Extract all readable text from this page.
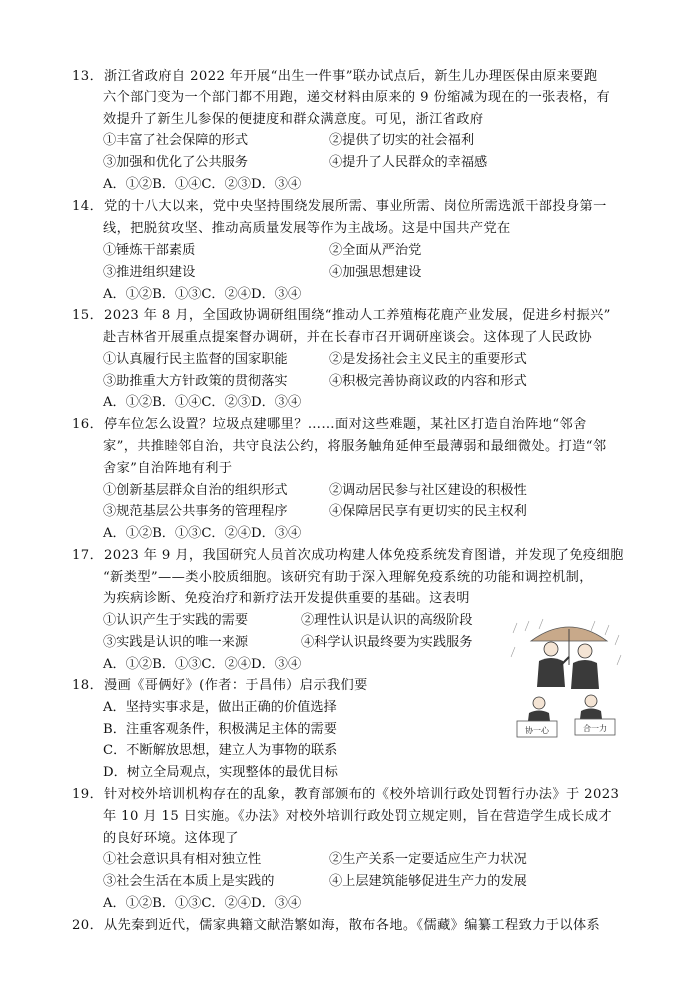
13．浙江省政府自 2022 年开展“出生一件事”联办试点后，新生儿办理医保由原来要跑
六个部门变为一个部门都不用跑，递交材料由原来的 9 份缩减为现在的一张表格，有
效提升了新生儿参保的便捷度和群众满意度。可见，浙江省政府
①丰富了社会保障的形式	②提供了切实的社会福利
③加强和优化了公共服务	④提升了人民群众的幸福感
A．①②B．①④C．②③D．③④
14．党的十八大以来，党中央坚持围绕发展所需、事业所需、岗位所需选派干部投身第一
线，把脱贫攻坚、推动高质量发展等作为主战场。这是中国共产党在
①锤炼干部素质	②全面从严治党
③推进组织建设	④加强思想建设
A．①②B．①③C．②④D．③④
15．2023 年 8 月，全国政协调研组围绕“推动人工养殖梅花鹿产业发展，促进乡村振兴”
赴吉林省开展重点提案督办调研，并在长春市召开调研座谈会。这体现了人民政协
①认真履行民主监督的国家职能	②是发扬社会主义民主的重要形式
③助推重大方针政策的贯彻落实	④积极完善协商议政的内容和形式
A．①②B．①④C．②③D．③④
16．停车位怎么设置？垃圾点建哪里？……面对这些难题，某社区打造自治阵地“邻舍
家”，共推睦邻自治，共守良法公约，将服务触角延伸至最薄弱和最细微处。打造“邻
舍家”自治阵地有利于
①创新基层群众自治的组织形式	②调动居民参与社区建设的积极性
③规范基层公共事务的管理程序	④保障居民享有更切实的民主权利
A．①②B．①③C．②④D．③④
17．2023 年 9 月，我国研究人员首次成功构建人体免疫系统发育图谱，并发现了免疫细胞
“新类型”——类小胶质细胞。该研究有助于深入理解免疫系统的功能和调控机制，
为疾病诊断、免疫治疗和新疗法开发提供重要的基础。这表明
①认识产生于实践的需要	②理性认识是认识的高级阶段
③实践是认识的唯一来源	④科学认识最终要为实践服务
A．①②B．①③C．②④D．③④
18．漫画《哥俩好》(作者：于昌伟）启示我们要
A．坚持实事求是，做出正确的价值选择
B．注重客观条件，积极满足主体的需要
C．不断解放思想，建立人为事物的联系
D．树立全局观点，实现整体的最优目标
协一心	合一力
19．针对校外培训机构存在的乱象，教育部颁布的《校外培训行政处罚暂行办法》于 2023
年 10 月 15 日实施。《办法》对校外培训行政处罚立规定则，旨在营造学生成长成才
的良好环境。这体现了
①社会意识具有相对独立性	②生产关系一定要适应生产力状况
③社会生活在本质上是实践的	④上层建筑能够促进生产力的发展
A．①②B．①③C．②④D．③④
20．从先秦到近代，儒家典籍文献浩繁如海，散布各地。《儒藏》编纂工程致力于以体系
